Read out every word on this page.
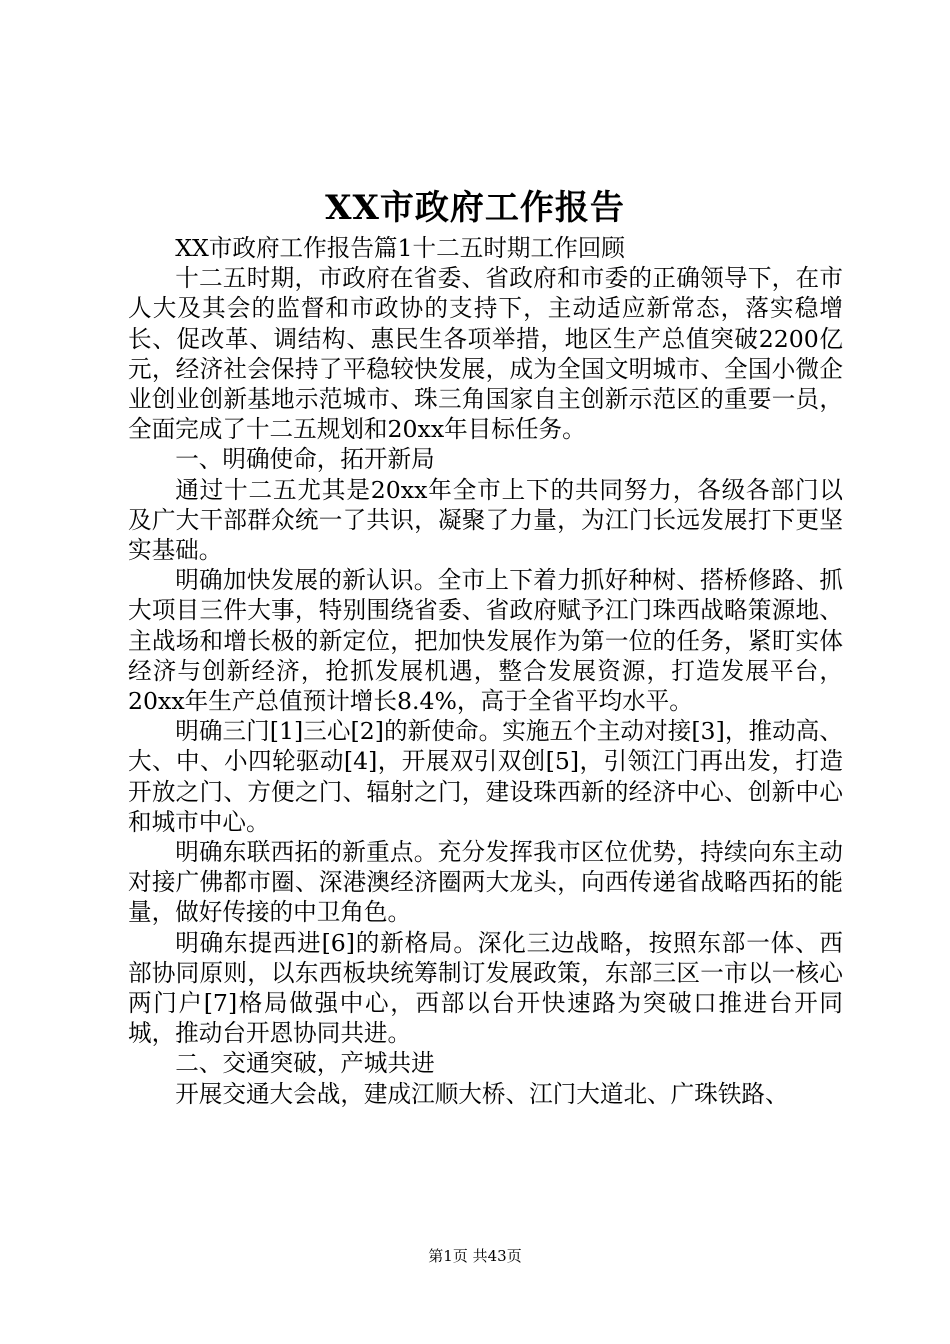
XX市政府工作报告

XX市政府工作报告篇1十二五时期工作回顾

十二五时期，市政府在省委、省政府和市委的正确领导下，在市人大及其会的监督和市政协的支持下，主动适应新常态，落实稳增长、促改革、调结构、惠民生各项举措，地区生产总值突破2200亿元，经济社会保持了平稳较快发展，成为全国文明城市、全国小微企业创业创新基地示范城市、珠三角国家自主创新示范区的重要一员，全面完成了十二五规划和20xx年目标任务。

一、明确使命，拓开新局

通过十二五尤其是20xx年全市上下的共同努力，各级各部门以及广大干部群众统一了共识，凝聚了力量，为江门长远发展打下更坚实基础。

明确加快发展的新认识。全市上下着力抓好种树、搭桥修路、抓大项目三件大事，特别围绕省委、省政府赋予江门珠西战略策源地、主战场和增长极的新定位，把加快发展作为第一位的任务，紧盯实体经济与创新经济，抢抓发展机遇，整合发展资源，打造发展平台，20xx年生产总值预计增长8.4%，高于全省平均水平。

明确三门[1]三心[2]的新使命。实施五个主动对接[3]，推动高、大、中、小四轮驱动[4]，开展双引双创[5]，引领江门再出发，打造开放之门、方便之门、辐射之门，建设珠西新的经济中心、创新中心和城市中心。

明确东联西拓的新重点。充分发挥我市区位优势，持续向东主动对接广佛都市圈、深港澳经济圈两大龙头，向西传递省战略西拓的能量，做好传接的中卫角色。

明确东提西进[6]的新格局。深化三边战略，按照东部一体、西部协同原则，以东西板块统筹制订发展政策，东部三区一市以一核心两门户[7]格局做强中心，西部以台开快速路为突破口推进台开同城，推动台开恩协同共进。

二、交通突破，产城共进

开展交通大会战，建成江顺大桥、江门大道北、广珠铁路、

第1页 共43页
